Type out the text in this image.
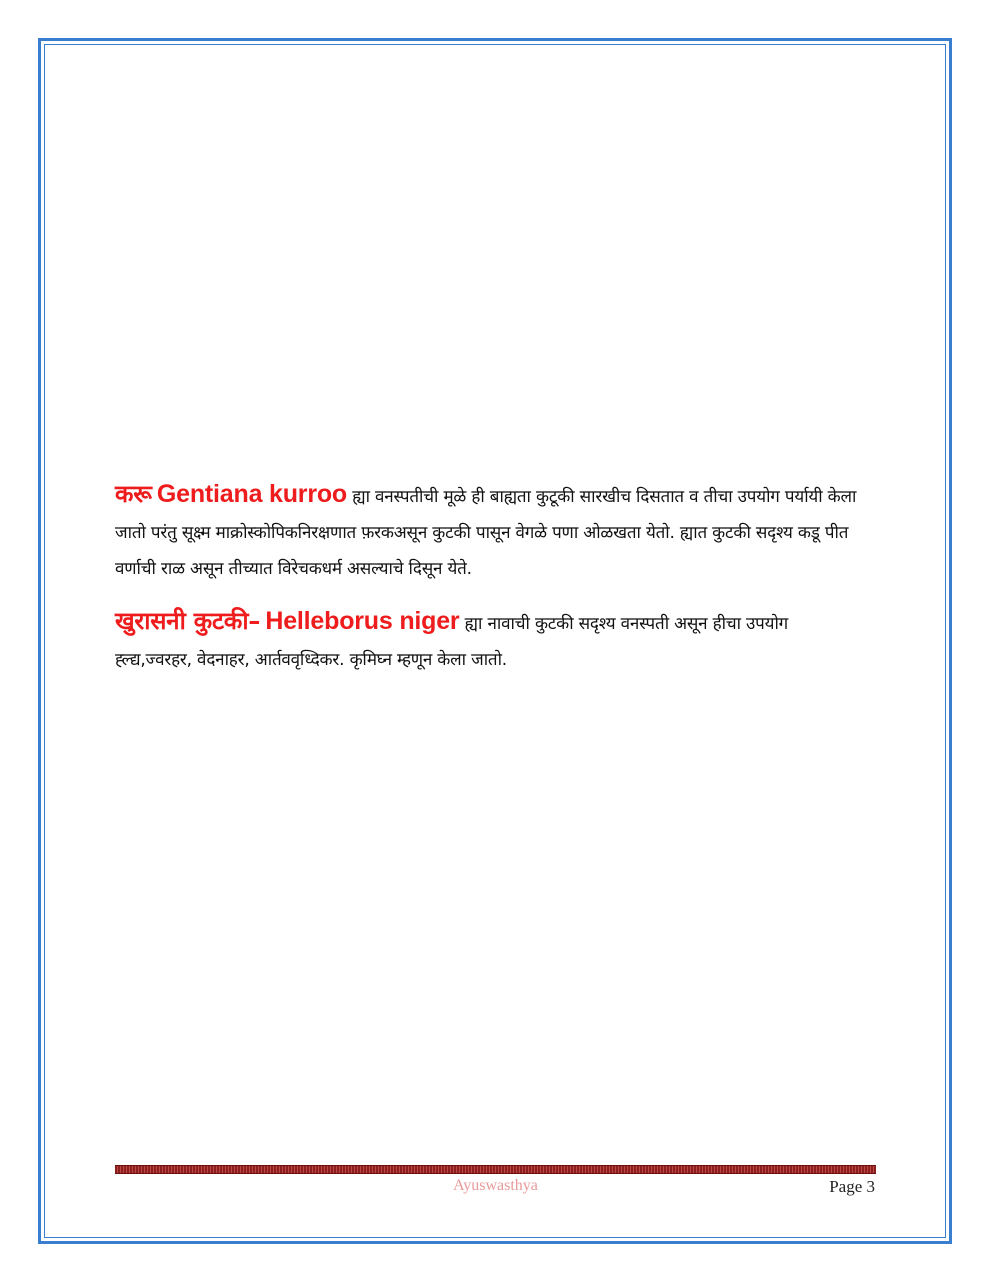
करू Gentiana kurroo ह्या वनस्पतीची मूळे ही बाह्यता कुटूकी सारखीच दिसतात व तीचा उपयोग पर्यायी केला जातो परंतु सूक्ष्म माक्रोस्कोपिकनिरक्षणात फ़रकअसून कुटकी पासून वेगळे पणा ओळखता येतो. ह्यात कुटकी सदृश्य कडू पीत वर्णाची राळ असून तीच्यात विरेचकधर्म असल्याचे दिसून येते.

खुरासनी कुटकी– Helleborus niger ह्या नावाची कुटकी सदृश्य वनस्पती असून हीचा उपयोग ह्ल्द्य,ज्वरहर, वेदनाहर, आर्तववृध्दिकर. कृमिघ्न म्हणून केला जातो.

Ayuswasthya	Page 3
